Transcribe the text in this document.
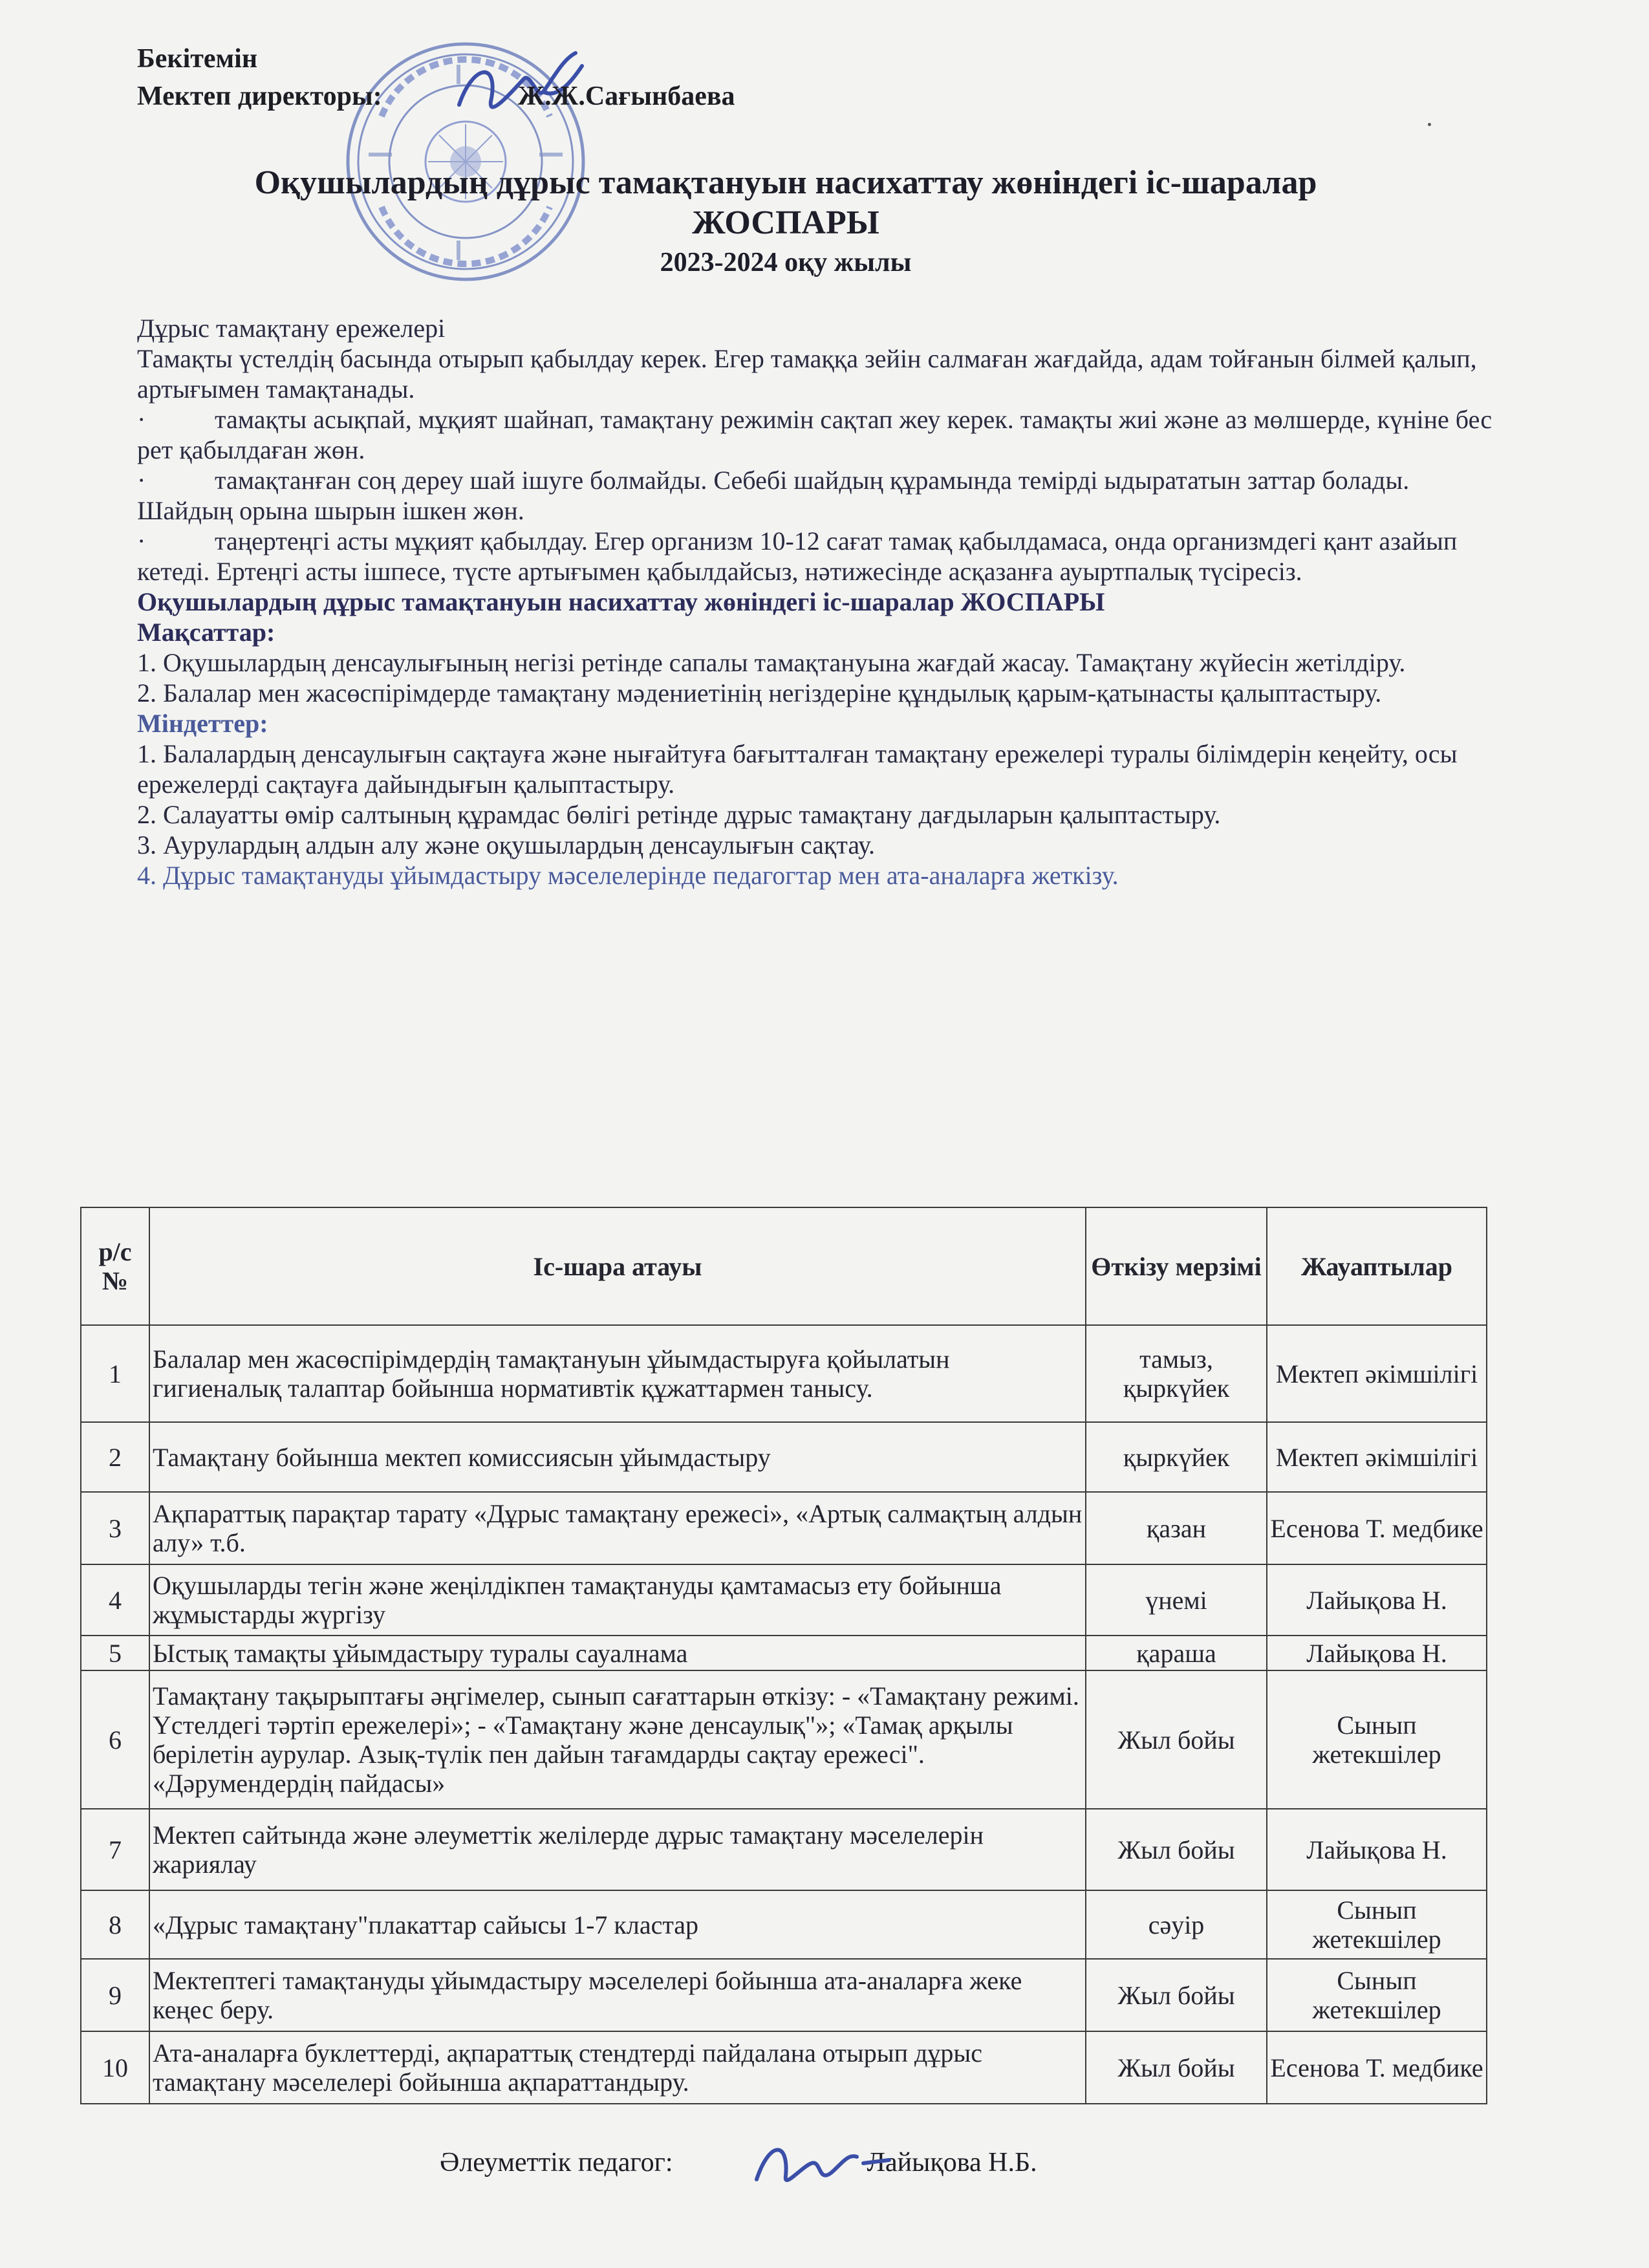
Бекітемін
Мектеп директоры:	Ж.Ж.Сағынбаева
Оқушылардың дұрыс тамақтануын насихаттау жөніндегі іс-шаралар
ЖОСПАРЫ
2023-2024 оқу жылы

Дұрыс тамақтану ережелері

Тамақты үстелдің басында отырып қабылдау керек. Егер тамаққа зейін салмаған жағдайда, адам тойғанын білмей қалып, артығымен тамақтанады.

·	тамақты асықпай, мұқият шайнап, тамақтану режимін сақтап жеу керек. тамақты жиі және аз мөлшерде, күніне бес рет қабылдаған жөн.

·	тамақтанған соң дереу шай ішуге болмайды. Себебі шайдың құрамында темірді ыдырататын заттар болады. Шайдың орына шырын ішкен жөн.

·	таңертеңгі асты мұқият қабылдау. Егер организм 10-12 сағат тамақ қабылдамаса, онда организмдегі қант азайып кетеді. Ертеңгі асты ішпесе, түсте артығымен қабылдайсыз, нәтижесінде асқазанға ауыртпалық түсіресіз.

Оқушылардың дұрыс тамақтануын насихаттау жөніндегі іс-шаралар ЖОСПАРЫ

Мақсаттар:

1. Оқушылардың денсаулығының негізі ретінде сапалы тамақтануына жағдай жасау. Тамақтану жүйесін жетілдіру.

2. Балалар мен жасөспірімдерде тамақтану мәдениетінің негіздеріне құндылық қарым-қатынасты қалыптастыру.

Міндеттер:

1. Балалардың денсаулығын сақтауға және нығайтуға бағытталған тамақтану ережелері туралы білімдерін кеңейту, осы ережелерді сақтауға дайындығын қалыптастыру.

2. Салауатты өмір салтының құрамдас бөлігі ретінде дұрыс тамақтану дағдыларын қалыптастыру.

3. Аурулардың алдын алу және оқушылардың денсаулығын сақтау.

4. Дұрыс тамақтануды ұйымдастыру мәселелерінде педагогтар мен ата-аналарға жеткізу.

р/с №	Іс-шара атауы	Өткізу мерзімі	Жауаптылар
1	Балалар мен жасөспірімдердің тамақтануын ұйымдастыруға қойылатын гигиеналық талаптар бойынша нормативтік құжаттармен танысу.	тамыз, қыркүйек	Мектеп әкімшілігі
2	Тамақтану бойынша мектеп комиссиясын ұйымдастыру	қыркүйек	Мектеп әкімшілігі
3	Ақпараттық парақтар тарату «Дұрыс тамақтану ережесі», «Артық салмақтың алдын алу» т.б.	қазан	Есенова Т. медбике
4	Оқушыларды тегін және жеңілдікпен тамақтануды қамтамасыз ету бойынша жұмыстарды жүргізу	үнемі	Лайықова Н.
5	Ыстық тамақты ұйымдастыру туралы сауалнама	қараша	Лайықова Н.
6	Тамақтану тақырыптағы әңгімелер, сынып сағаттарын өткізу: - «Тамақтану режимі. Үстелдегі тәртіп ережелері»; - «Тамақтану және денсаулық"»; «Тамақ арқылы берілетін аурулар. Азық-түлік пен дайын тағамдарды сақтау ережесі". «Дәрумендердің пайдасы»	Жыл бойы	Сынып жетекшілер
7	Мектеп сайтында және әлеуметтік желілерде дұрыс тамақтану мәселелерін жариялау	Жыл бойы	Лайықова Н.
8	«Дұрыс тамақтану"плакаттар сайысы 1-7 кластар	сәуір	Сынып жетекшілер
9	Мектептегі тамақтануды ұйымдастыру мәселелері бойынша ата-аналарға жеке кеңес беру.	Жыл бойы	Сынып жетекшілер
10	Ата-аналарға буклеттерді, ақпараттық стендтерді пайдалана отырып дұрыс тамақтану мәселелері бойынша ақпараттандыру.	Жыл бойы	Есенова Т. медбике
Әлеуметтік педагог:	Лайықова Н.Б.
